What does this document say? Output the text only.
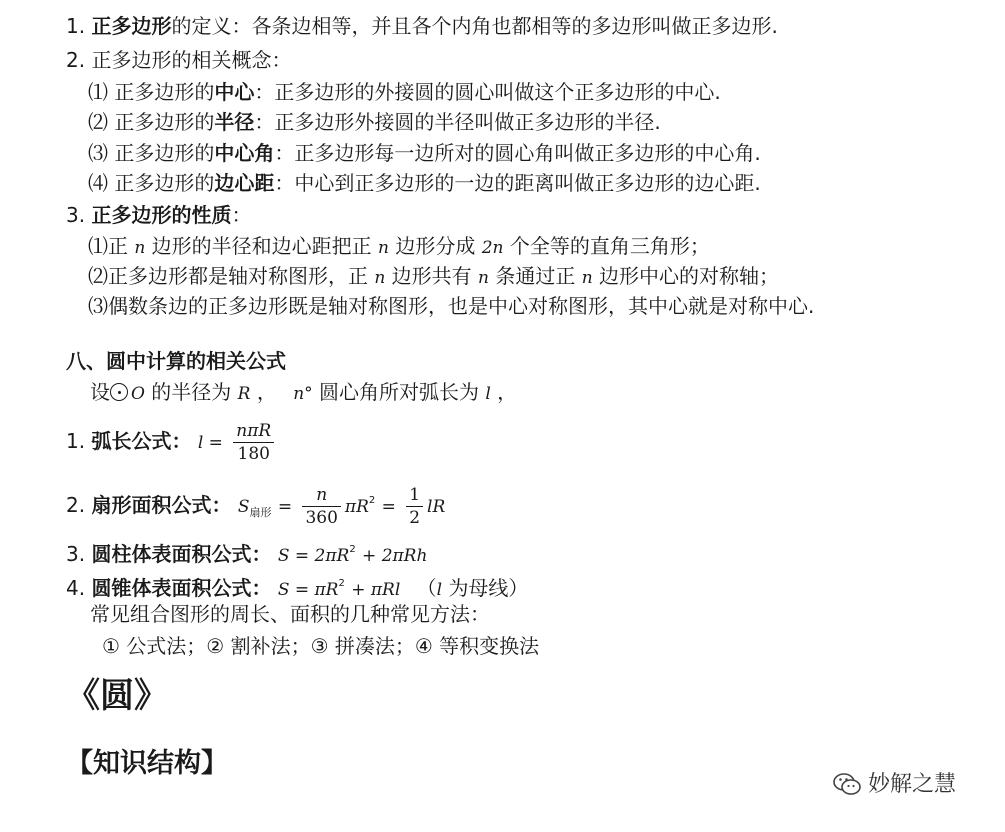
1. 正多边形的定义：各条边相等，并且各个内角也都相等的多边形叫做正多边形.
2. 正多边形的相关概念：
⑴ 正多边形的中心：正多边形的外接圆的圆心叫做这个正多边形的中心.
⑵ 正多边形的半径：正多边形外接圆的半径叫做正多边形的半径.
⑶ 正多边形的中心角：正多边形每一边所对的圆心角叫做正多边形的中心角.
⑷ 正多边形的边心距：中心到正多边形的一边的距离叫做正多边形的边心距.
3. 正多边形的性质：
⑴正 n 边形的半径和边心距把正 n 边形分成 2n 个全等的直角三角形；
⑵正多边形都是轴对称图形，正 n 边形共有 n 条通过正 n 边形中心的对称轴；
⑶偶数条边的正多边形既是轴对称图形，也是中心对称图形，其中心就是对称中心.
八、圆中计算的相关公式
设 O 的半径为 R ， n° 圆心角所对弧长为 l ，
1. 弧长公式： $l = \frac{\text{nπR}}{180}$
2. 扇形面积公式： $S_{扇形} = \frac{n}{360} \pi R^2 = \frac{1}{2}$ lR
3. 圆柱体表面积公式： $S = 2\pi R^2 + 2\pi Rh$
4. 圆锥体表面积公式： $S = \pi R^2 + \pi Rl$ （l 为母线）
常见组合图形的周长、面积的几种常见方法：
① 公式法；② 割补法；③ 拼凑法；④ 等积变换法
《圆》
【知识结构】
妙解之慧
